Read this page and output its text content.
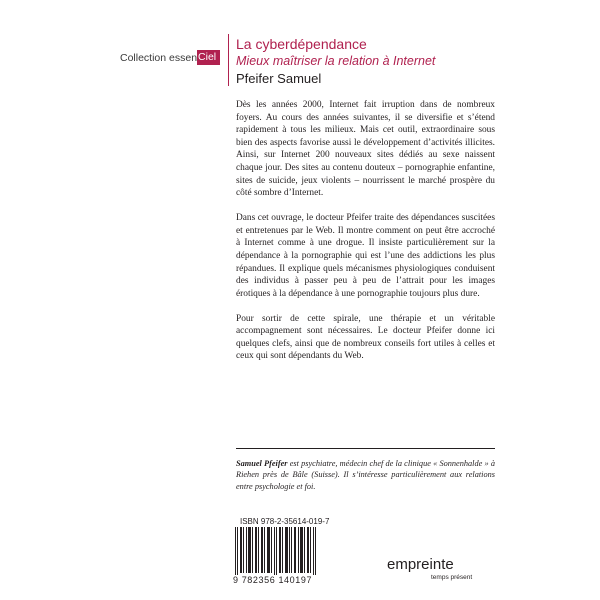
Collection essen Ciel
La cyberdépendance
Mieux maîtriser la relation à Internet
Pfeifer Samuel

Dès les années 2000, Internet fait irruption dans de nombreux foyers. Au cours des années suivantes, il se diversifie et s’étend rapidement à tous les milieux. Mais cet outil, extraordinaire sous bien des aspects favorise aussi le développement d’activités illicites. Ainsi, sur Internet 200 nouveaux sites dédiés au sexe naissent chaque jour. Des sites au contenu douteux – pornographie enfantine, sites de suicide, jeux violents – nourrissent le marché prospère du côté sombre d’Internet.

Dans cet ouvrage, le docteur Pfeifer traite des dépendances suscitées et entretenues par le Web. Il montre comment on peut être accroché à Internet comme à une drogue. Il insiste particulièrement sur la dépendance à la pornographie qui est l’une des addictions les plus répandues. Il explique quels mécanismes physiologiques conduisent des individus à passer peu à peu de l’attrait pour les images érotiques à la dépendance à une pornographie toujours plus dure.

Pour sortir de cette spirale, une thérapie et un véritable accompagnement sont nécessaires. Le docteur Pfeifer donne ici quelques clefs, ainsi que de nombreux conseils fort utiles à celles et ceux qui sont dépendants du Web.

Samuel Pfeifer est psychiatre, médecin chef de la clinique « Sonnenhalde » à Riehen près de Bâle (Suisse). Il s’intéresse particulièrement aux relations entre psychologie et foi.
ISBN 978-2-35614-019-7
9 782356 140197
empreinte
temps présent
